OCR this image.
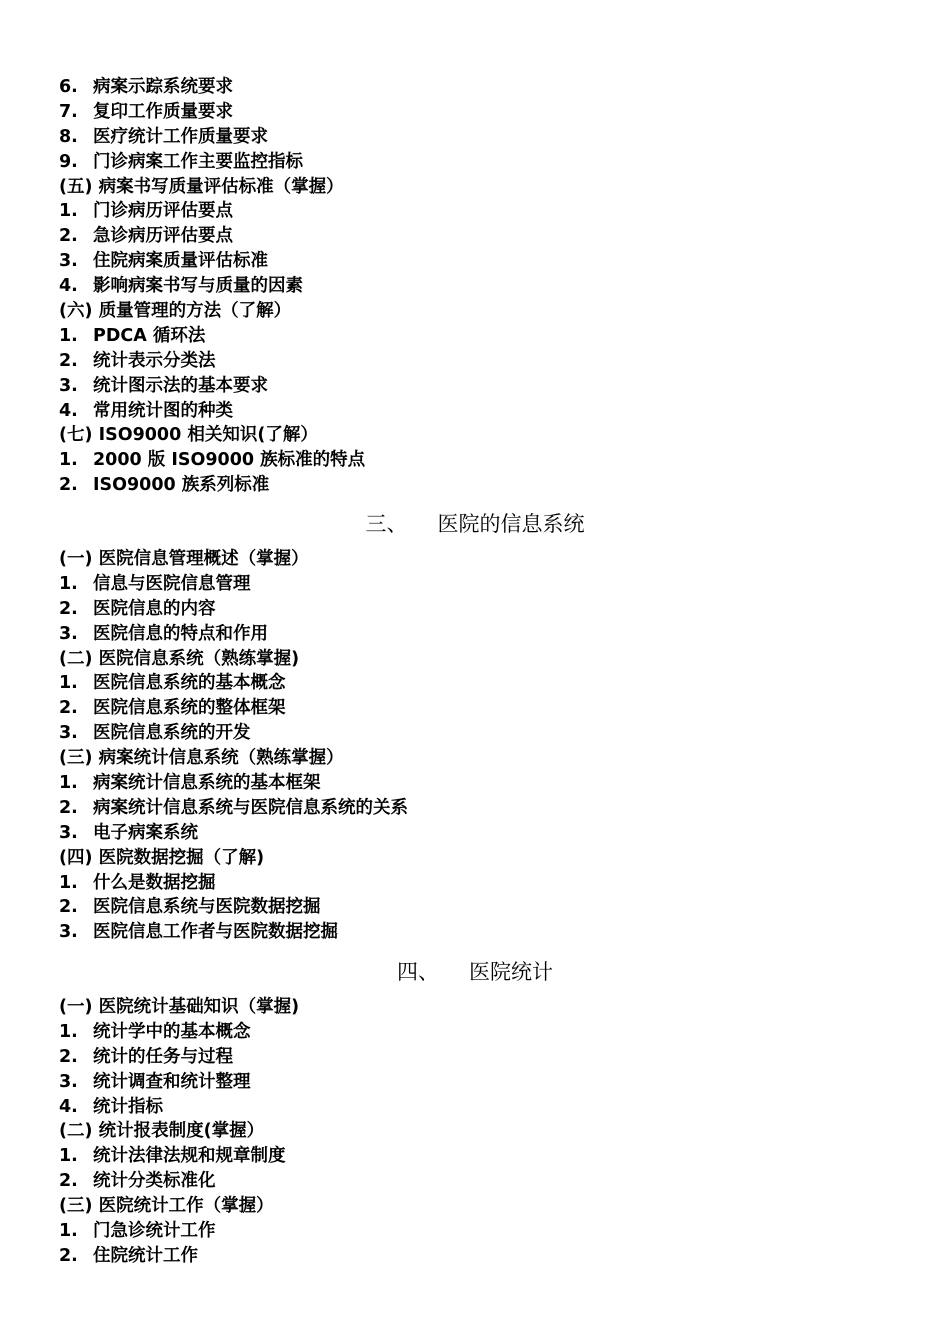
6. 病案示踪系统要求
7. 复印工作质量要求
8. 医疗统计工作质量要求
9. 门诊病案工作主要监控指标
(五) 病案书写质量评估标准（掌握）
1. 门诊病历评估要点
2. 急诊病历评估要点
3. 住院病案质量评估标准
4. 影响病案书写与质量的因素
(六) 质量管理的方法（了解）
1. PDCA 循环法
2. 统计表示分类法
3. 统计图示法的基本要求
4. 常用统计图的种类
(七) ISO9000 相关知识(了解）
1. 2000 版 ISO9000 族标准的特点
2. ISO9000 族系列标准
三、 医院的信息系统
(一) 医院信息管理概述（掌握）
1. 信息与医院信息管理
2. 医院信息的内容
3. 医院信息的特点和作用
(二) 医院信息系统（熟练掌握)
1. 医院信息系统的基本概念
2. 医院信息系统的整体框架
3. 医院信息系统的开发
(三) 病案统计信息系统（熟练掌握）
1. 病案统计信息系统的基本框架
2. 病案统计信息系统与医院信息系统的关系
3. 电子病案系统
(四) 医院数据挖掘（了解)
1. 什么是数据挖掘
2. 医院信息系统与医院数据挖掘
3. 医院信息工作者与医院数据挖掘
四、 医院统计
(一) 医院统计基础知识（掌握)
1. 统计学中的基本概念
2. 统计的任务与过程
3. 统计调查和统计整理
4. 统计指标
(二) 统计报表制度(掌握）
1. 统计法律法规和规章制度
2. 统计分类标准化
(三) 医院统计工作（掌握）
1. 门急诊统计工作
2. 住院统计工作
